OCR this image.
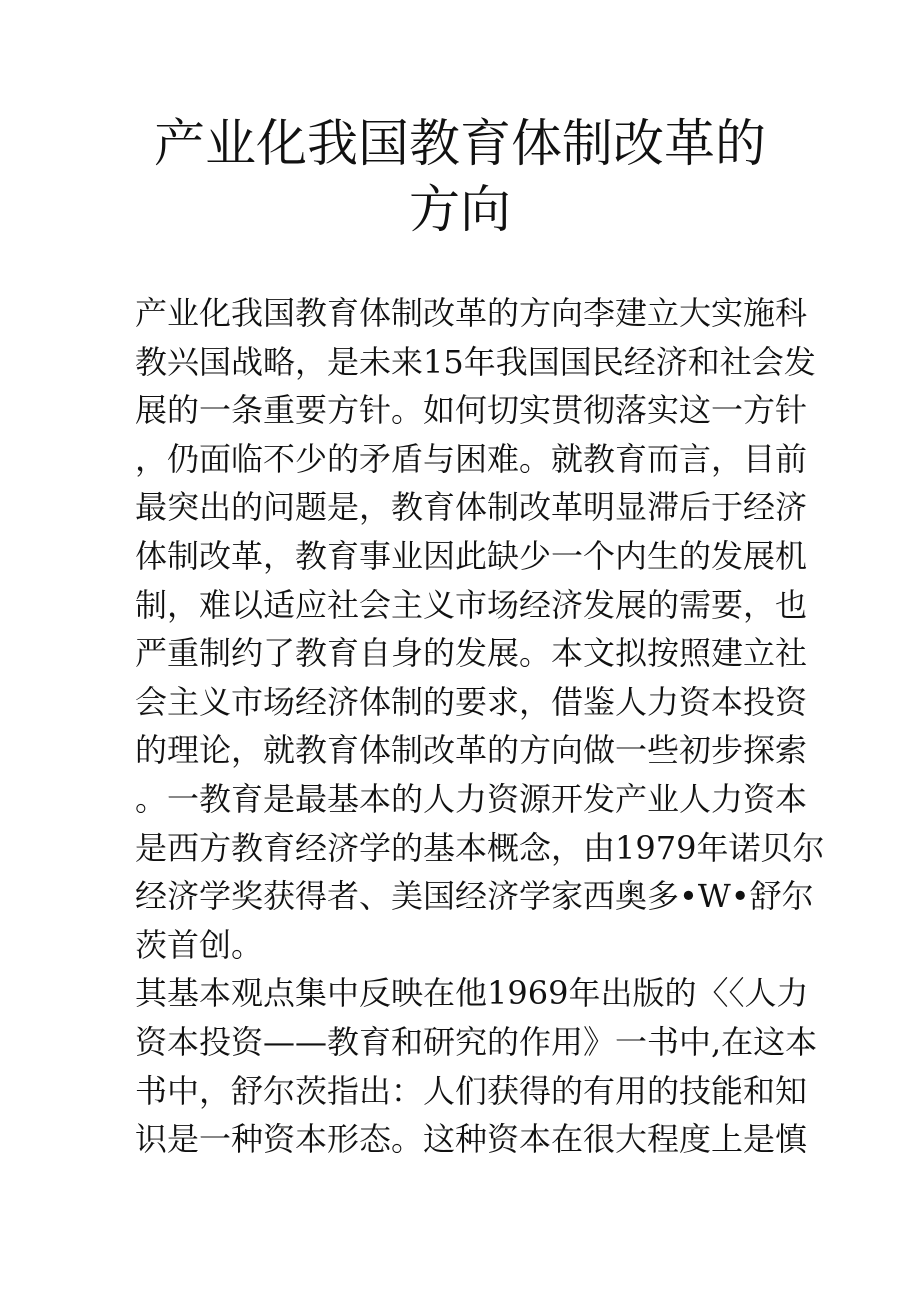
产业化我国教育体制改革的
方向
产业化我国教育体制改革的方向李建立大实施科
教兴国战略，是未来15年我国国民经济和社会发
展的一条重要方针。如何切实贯彻落实这一方针
，仍面临不少的矛盾与困难。就教育而言，目前
最突出的问题是，教育体制改革明显滞后于经济
体制改革，教育事业因此缺少一个内生的发展机
制，难以适应社会主义市场经济发展的需要，也
严重制约了教育自身的发展。本文拟按照建立社
会主义市场经济体制的要求，借鉴人力资本投资
的理论，就教育体制改革的方向做一些初步探索
。一教育是最基本的人力资源开发产业人力资本
是西方教育经济学的基本概念，由1979年诺贝尔
经济学奖获得者、美国经济学家西奥多•W•舒尔
茨首创。
其基本观点集中反映在他1969年出版的〈〈人力
资本投资——教育和研究的作用》一书中,在这本
书中，舒尔茨指出：人们获得的有用的技能和知
识是一种资本形态。这种资本在很大程度上是慎
